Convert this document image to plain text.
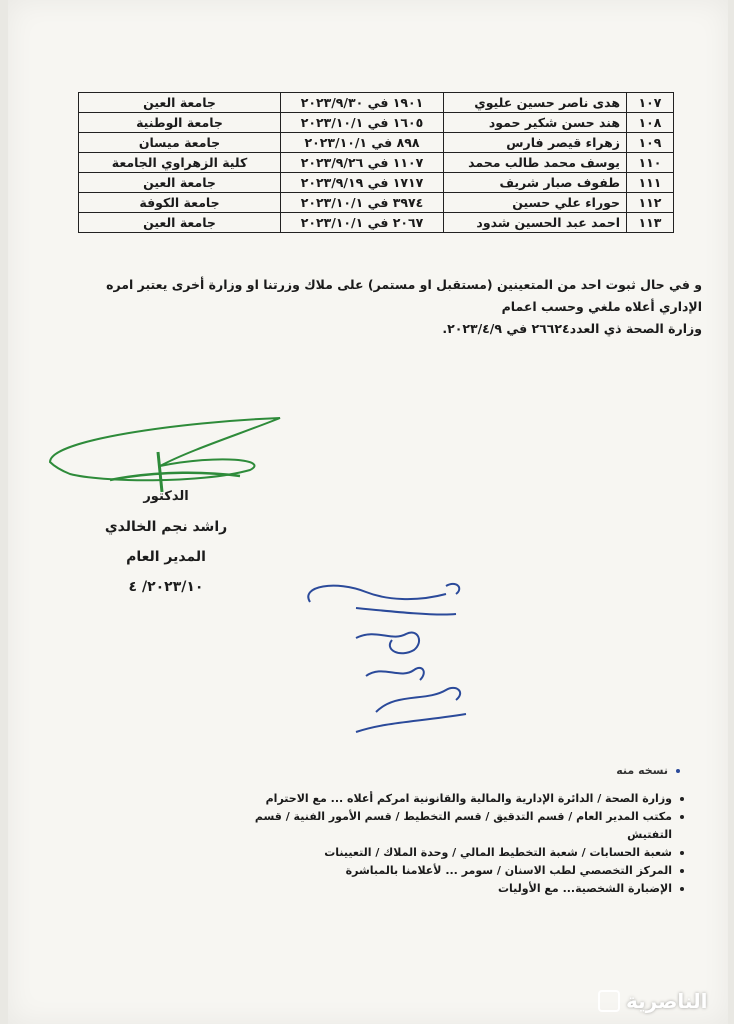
١٠٧	هدى ناصر حسين عليوي	١٩٠١ في ٢٠٢٣/٩/٣٠	جامعة العين
١٠٨	هند حسن شكير حمود	١٦٠٥ في ٢٠٢٣/١٠/١	جامعة الوطنية
١٠٩	زهراء قيصر فارس	٨٩٨ في ٢٠٢٣/١٠/١	جامعة ميسان
١١٠	يوسف محمد طالب محمد	١١٠٧ في ٢٠٢٣/٩/٢٦	كلية الزهراوي الجامعة
١١١	طفوف صبار شريف	١٧١٧ في ٢٠٢٣/٩/١٩	جامعة العين
١١٢	حوراء علي حسين	٣٩٧٤ في ٢٠٢٣/١٠/١	جامعة الكوفة
١١٣	احمد عبد الحسين شدود	٢٠٦٧ في ٢٠٢٣/١٠/١	جامعة العين
و في حال ثبوت احد من المتعينين (مستقبل او مستمر) على ملاك وزرتنا او وزارة أخرى يعتبر امره الإداري أعلاه ملغي وحسب اعمام
وزارة الصحة ذي العدد٢٦٦٢٤ في ٢٠٢٣/٤/٩.
الدكتور
راشد نجم الخالدي
المدير العام
٢٠٢٣/١٠/ ٤
نسخه منه
وزارة الصحة / الدائرة الإدارية والمالية والقانونية امركم أعلاه ... مع الاحترام
مكتب المدير العام / قسم التدقيق / قسم التخطيط / قسم الأمور الفنية / قسم التفتيش
شعبة الحسابات / شعبة التخطيط المالي / وحدة الملاك / التعيينات
المركز التخصصي لطب الاسنان / سومر ... لأعلامنا بالمباشرة
الإضبارة الشخصية... مع الأوليات
الناصرية
